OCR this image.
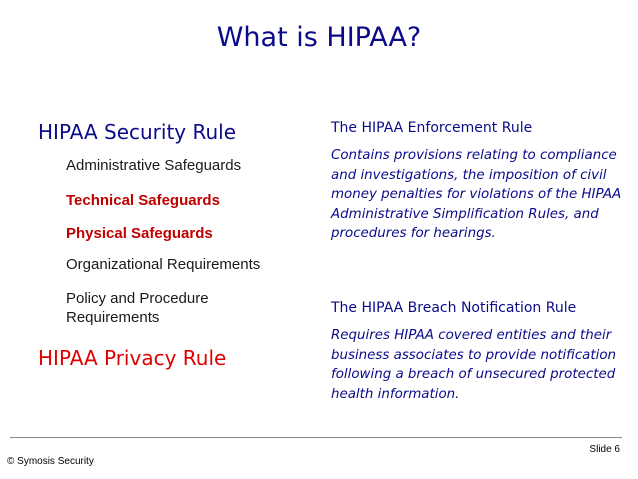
What is HIPAA?
HIPAA Security Rule
Administrative Safeguards
Technical Safeguards
Physical Safeguards
Organizational Requirements
Policy and Procedure
Requirements
HIPAA Privacy Rule
The HIPAA Enforcement Rule
Contains provisions relating to compliance and investigations, the imposition of civil money penalties for violations of the HIPAA Administrative Simplification Rules, and procedures for hearings.
The HIPAA Breach Notification Rule
Requires HIPAA covered entities and their business associates to provide notification following a breach of unsecured protected health information.
Slide 6
© Symosis Security
